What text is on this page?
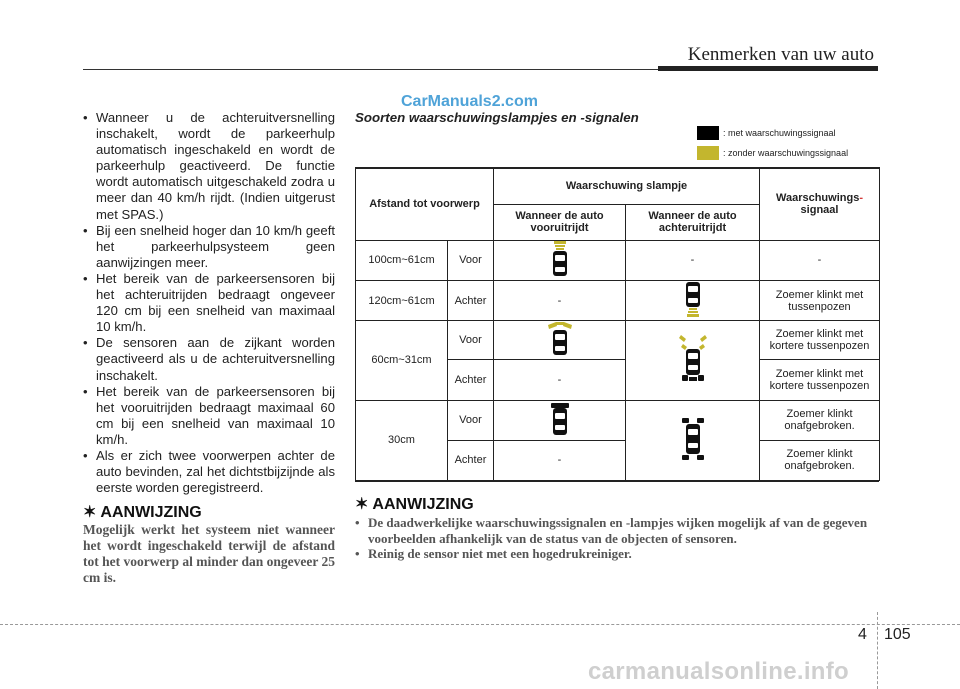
Kenmerken van uw auto
CarManuals2.com
• Wanneer u de achteruitversnelling inschakelt, wordt de parkeerhulp automatisch ingeschakeld en wordt de parkeerhulp geactiveerd. De functie wordt automatisch uitgeschakeld zodra u meer dan 40 km/h rijdt. (Indien uitgerust met SPAS.)
• Bij een snelheid hoger dan 10 km/h geeft het parkeerhulpsysteem geen aanwijzingen meer.
• Het bereik van de parkeersensoren bij het achteruitrijden bedraagt ongeveer 120 cm bij een snelheid van maximaal 10 km/h.
• De sensoren aan de zijkant worden geactiveerd als u de achteruitversnelling inschakelt.
• Het bereik van de parkeersensoren bij het vooruitrijden bedraagt maximaal 60 cm bij een snelheid van maximaal 10 km/h.
• Als er zich twee voorwerpen achter de auto bevinden, zal het dichtstbijzijnde als eerste worden geregistreerd.
✶ AANWIJZING

Mogelijk werkt het systeem niet wanneer het wordt ingeschakeld terwijl de afstand tot het voorwerp al minder dan ongeveer 25 cm is.

Soorten waarschuwingslampjes en -signalen
: met waarschuwingssignaal
: zonder waarschuwingssignaal
Afstand tot voorwerp		Waarschuwing slampje		Waarschuwings-
signaal
		Wanneer de auto vooruitrijdt	Wanneer de auto achteruitrijdt	
100cm~61cm	Voor		-	-
120cm~61cm	Achter	-		Zoemer klinkt met tussenpozen
60cm~31cm	Voor			Zoemer klinkt met kortere tussenpozen
	Achter	-		Zoemer klinkt met kortere tussenpozen
30cm	Voor			Zoemer klinkt onafgebroken.
	Achter	-		Zoemer klinkt onafgebroken.
✶ AANWIJZING
• De daadwerkelijke waarschuwingssignalen en -lampjes wijken mogelijk af van de gegeven voorbeelden afhankelijk van de status van de objecten of sensoren.
• Reinig de sensor niet met een hogedrukreiniger.
4 105
carmanualsonline.info
